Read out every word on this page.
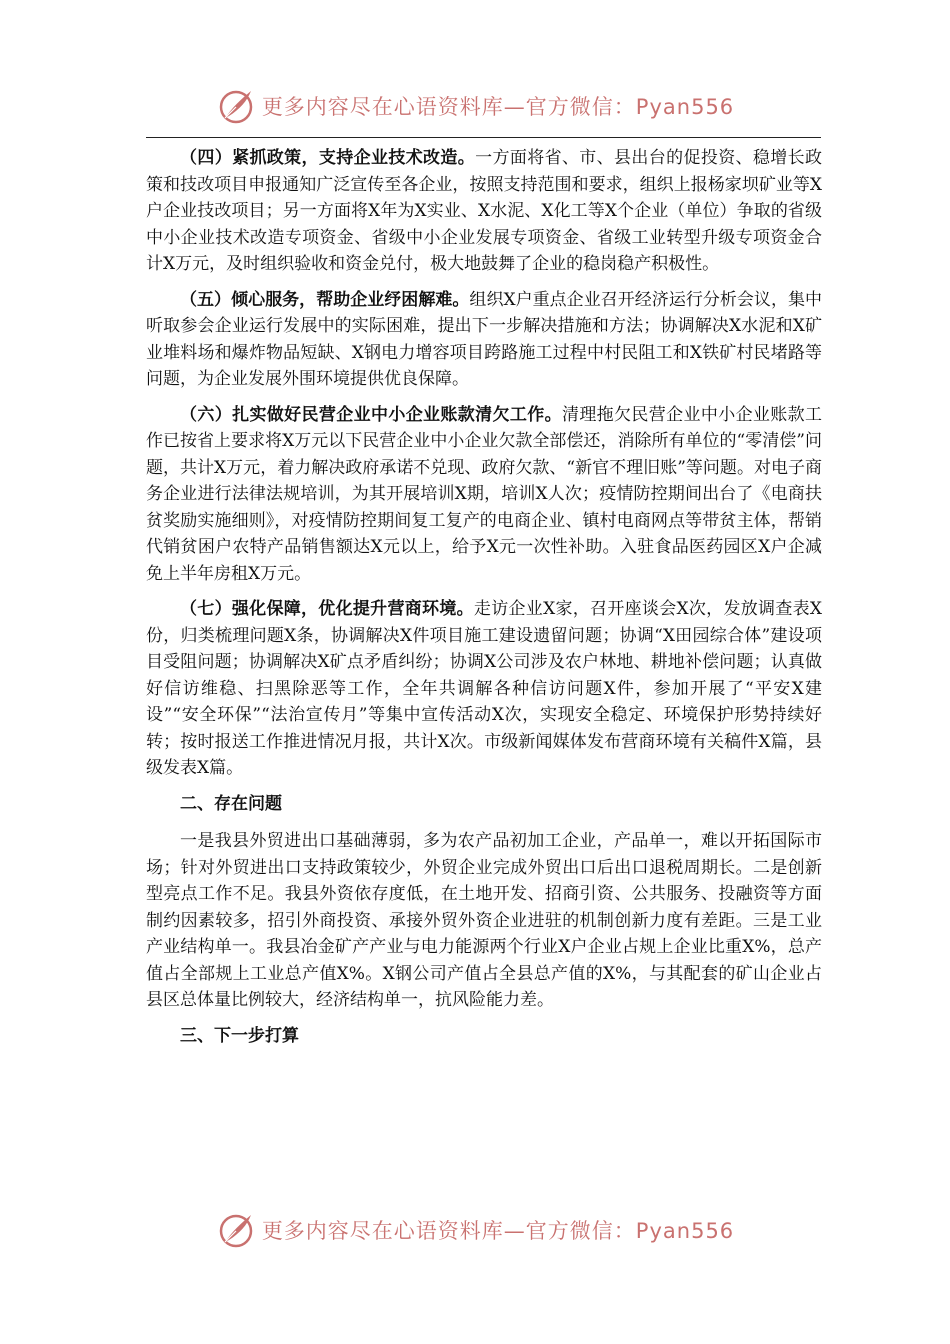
更多内容尽在心语资料库—官方微信：Pyan556

（四）紧抓政策，支持企业技术改造。一方面将省、市、县出台的促投资、稳增长政策和技改项目申报通知广泛宣传至各企业，按照支持范围和要求，组织上报杨家坝矿业等X户企业技改项目；另一方面将X年为X实业、X水泥、X化工等X个企业（单位）争取的省级中小企业技术改造专项资金、省级中小企业发展专项资金、省级工业转型升级专项资金合计X万元，及时组织验收和资金兑付，极大地鼓舞了企业的稳岗稳产积极性。

（五）倾心服务，帮助企业纾困解难。组织X户重点企业召开经济运行分析会议，集中听取参会企业运行发展中的实际困难，提出下一步解决措施和方法；协调解决X水泥和X矿业堆料场和爆炸物品短缺、X钢电力增容项目跨路施工过程中村民阻工和X铁矿村民堵路等问题，为企业发展外围环境提供优良保障。

（六）扎实做好民营企业中小企业账款清欠工作。清理拖欠民营企业中小企业账款工作已按省上要求将X万元以下民营企业中小企业欠款全部偿还，消除所有单位的“零清偿”问题，共计X万元，着力解决政府承诺不兑现、政府欠款、“新官不理旧账”等问题。对电子商务企业进行法律法规培训，为其开展培训X期，培训X人次；疫情防控期间出台了《电商扶贫奖励实施细则》，对疫情防控期间复工复产的电商企业、镇村电商网点等带贫主体，帮销代销贫困户农特产品销售额达X元以上，给予X元一次性补助。入驻食品医药园区X户企减免上半年房租X万元。

（七）强化保障，优化提升营商环境。走访企业X家，召开座谈会X次，发放调查表X份，归类梳理问题X条，协调解决X件项目施工建设遗留问题；协调“X田园综合体”建设项目受阻问题；协调解决X矿点矛盾纠纷；协调X公司涉及农户林地、耕地补偿问题；认真做好信访维稳、扫黑除恶等工作，全年共调解各种信访问题X件，参加开展了“平安X建设”“安全环保”“法治宣传月”等集中宣传活动X次，实现安全稳定、环境保护形势持续好转；按时报送工作推进情况月报，共计X次。市级新闻媒体发布营商环境有关稿件X篇，县级发表X篇。

二、存在问题

一是我县外贸进出口基础薄弱，多为农产品初加工企业，产品单一，难以开拓国际市场；针对外贸进出口支持政策较少，外贸企业完成外贸出口后出口退税周期长。二是创新型亮点工作不足。我县外资依存度低，在土地开发、招商引资、公共服务、投融资等方面制约因素较多，招引外商投资、承接外贸外资企业进驻的机制创新力度有差距。三是工业产业结构单一。我县冶金矿产产业与电力能源两个行业X户企业占规上企业比重X%，总产值占全部规上工业总产值X%。X钢公司产值占全县总产值的X%，与其配套的矿山企业占县区总体量比例较大，经济结构单一，抗风险能力差。

三、下一步打算

更多内容尽在心语资料库—官方微信：Pyan556
